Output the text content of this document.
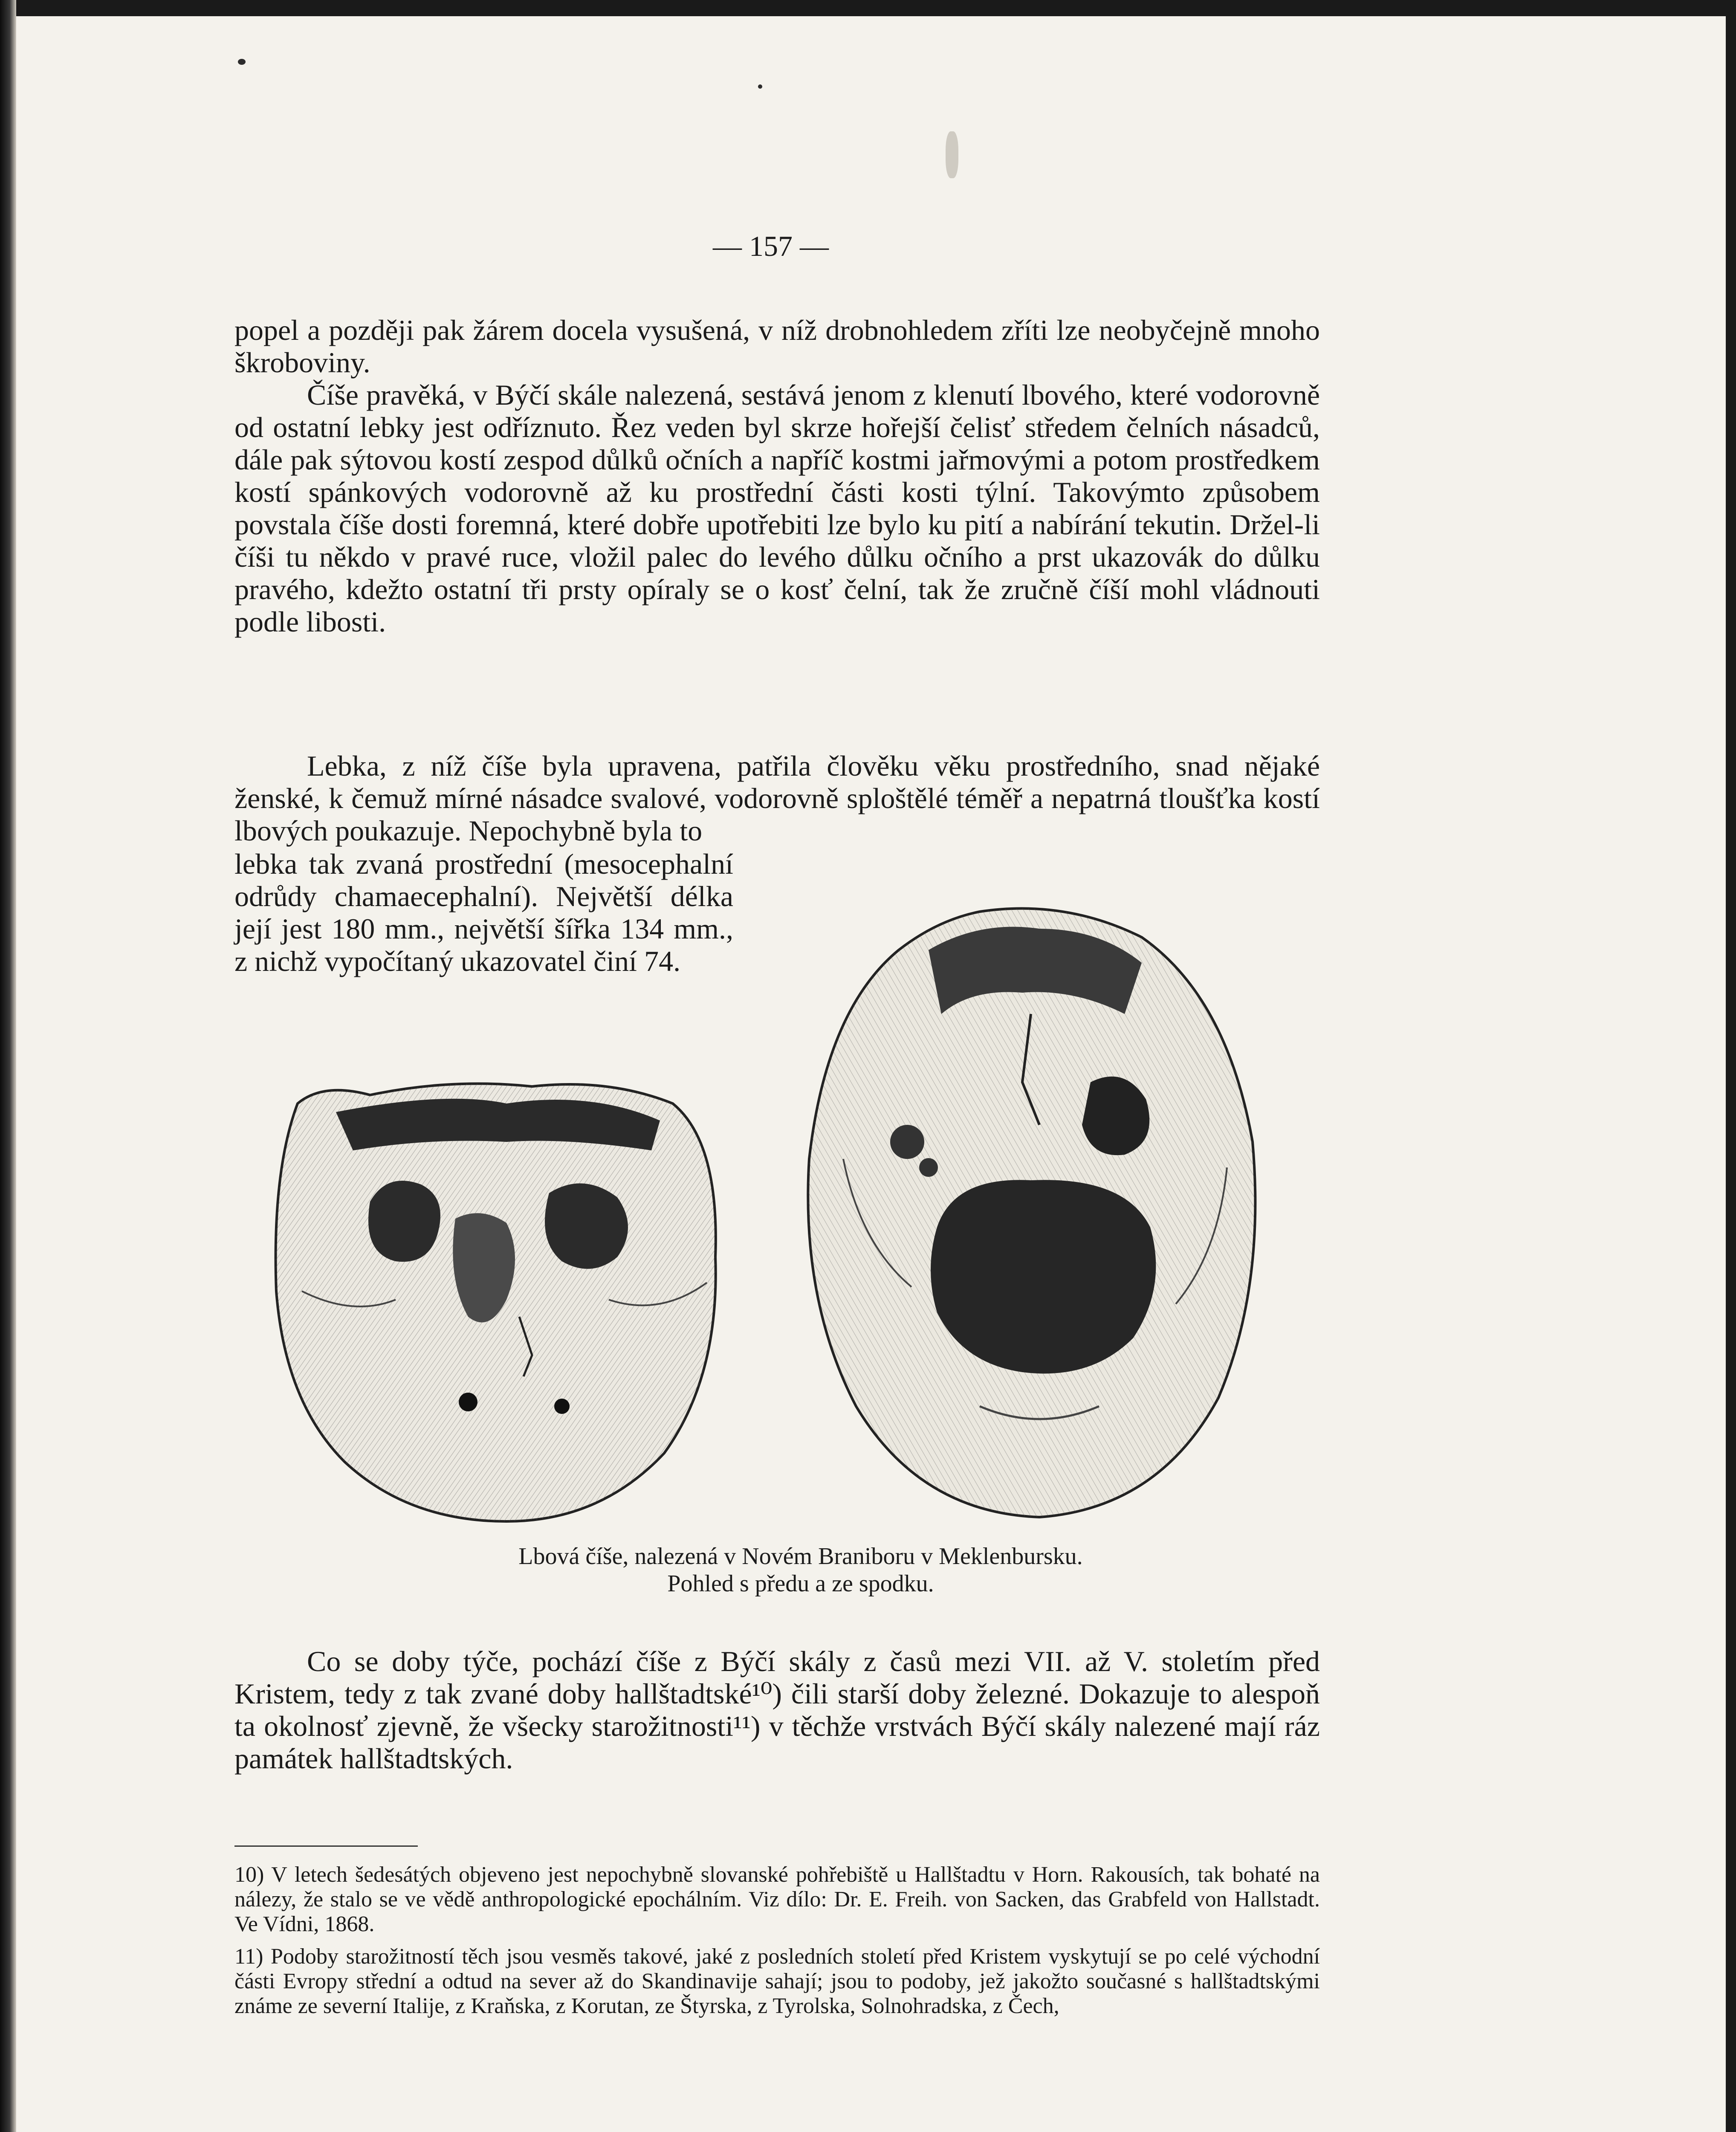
— 157 —

popel a později pak žárem docela vysušená, v níž drobnohledem zříti lze neobyčejně mnoho škroboviny.

Číše pravěká, v Býčí skále nalezená, sestává jenom z klenutí lbového, které vodorovně od ostatní lebky jest odříznuto. Řez veden byl skrze hořejší čelisť středem čelních násadců, dále pak sýtovou kostí zespod důlků očních a napříč kostmi jařmovými a potom prostředkem kostí spánkových vodorovně až ku prostřední části kosti týlní. Takovýmto způsobem povstala číše dosti foremná, které dobře upotřebiti lze bylo ku pití a nabírání tekutin. Držel-li číši tu někdo v pravé ruce, vložil palec do levého důlku očního a prst ukazovák do důlku pravého, kdežto ostatní tři prsty opíraly se o kosť čelní, tak že zručně číší mohl vládnouti podle libosti.

Lebka, z níž číše byla upravena, patřila člověku věku prostředního, snad nějaké ženské, k čemuž mírné násadce svalové, vodorovně sploštělé téměř a nepatrná tloušťka kostí lbových poukazuje. Nepochybně byla to

lebka tak zvaná prostřední (mesocephalní odrůdy chamaecephalní). Největší délka její jest 180 mm., největší šířka 134 mm., z nichž vypočítaný ukazovatel činí 74.
Lbová číše, nalezená v Novém Braniboru v Meklenbursku.
Pohled s předu a ze spodku.

Co se doby týče, pochází číše z Býčí skály z časů mezi VII. až V. stoletím před Kristem, tedy z tak zvané doby hallštadtské¹⁰) čili starší doby železné. Dokazuje to alespoň ta okolnosť zjevně, že všecky starožitnosti¹¹) v těchže vrstvách Býčí skály nalezené mají ráz památek hallštadtských.

10) V letech šedesátých objeveno jest nepochybně slovanské pohřebiště u Hallštadtu v Horn. Rakousích, tak bohaté na nálezy, že stalo se ve vědě anthropologické epochálním. Viz dílo: Dr. E. Freih. von Sacken, das Grabfeld von Hallstadt. Ve Vídni, 1868.

11) Podoby starožitností těch jsou vesměs takové, jaké z posledních století před Kristem vyskytují se po celé východní části Evropy střední a odtud na sever až do Skandinavije sahají; jsou to podoby, jež jakožto současné s hallštadtskými známe ze severní Italije, z Kraňska, z Korutan, ze Štyrska, z Tyrolska, Solnohradska, z Čech,
